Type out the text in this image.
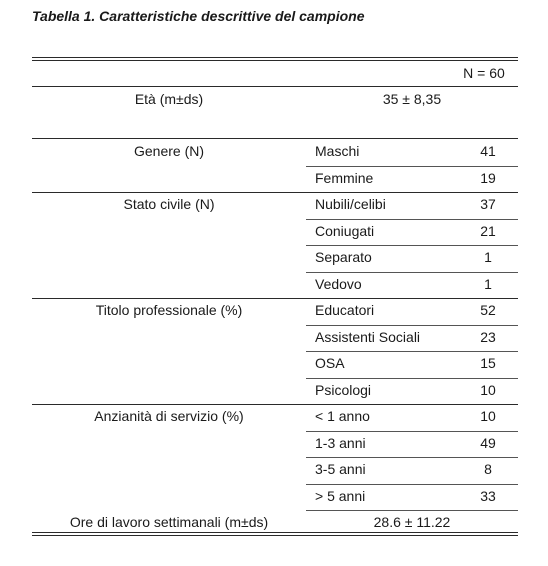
Tabella 1. Caratteristiche descrittive del campione
N = 60
Età (m±ds)	35 ± 8,35
Genere (N)	Maschi	41
Femmine	19
Stato civile (N)	Nubili/celibi	37
Coniugati	21
Separato	1
Vedovo	1
Titolo professionale (%)	Educatori	52
Assistenti Sociali	23
OSA	15
Psicologi	10
Anzianità di servizio (%)	< 1 anno	10
1-3 anni	49
3-5 anni	8
> 5 anni	33
Ore di lavoro settimanali (m±ds)	28.6 ± 11.22
